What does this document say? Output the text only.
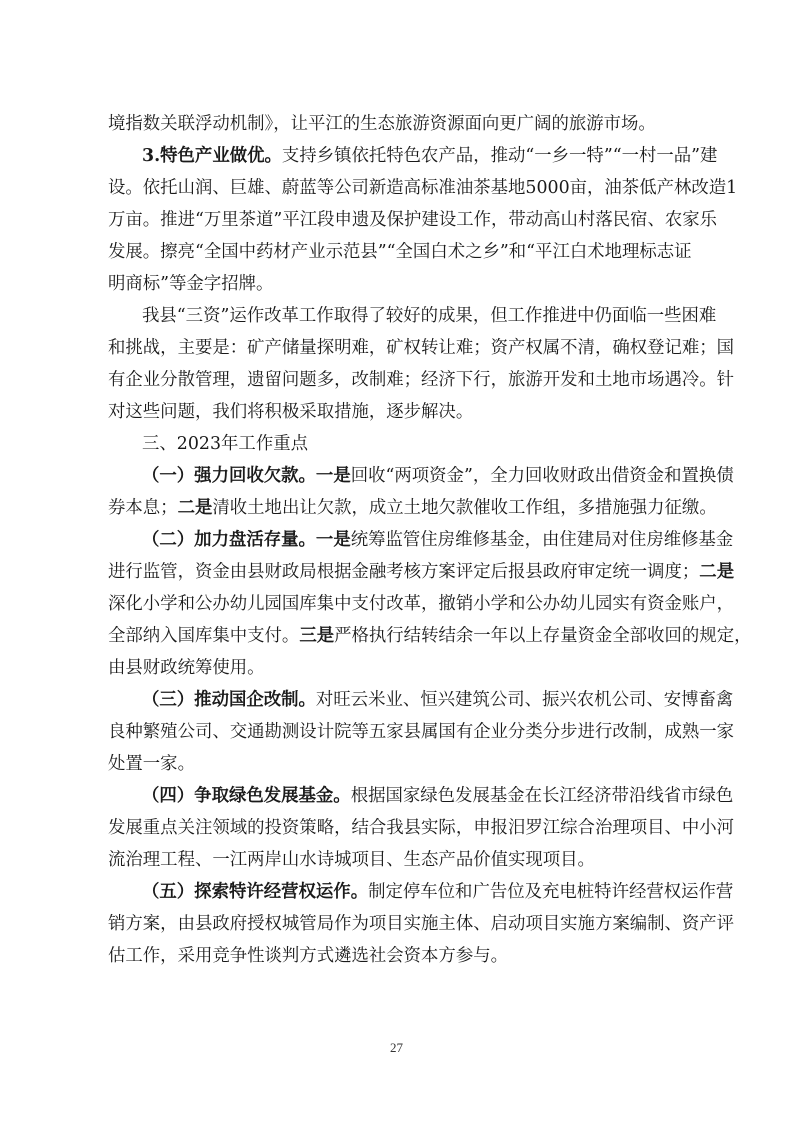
境指数关联浮动机制》，让平江的生态旅游资源面向更广阔的旅游市场。
3.特色产业做优。支持乡镇依托特色农产品，推动“一乡一特”“一村一品”建
设。依托山润、巨雄、蔚蓝等公司新造高标准油茶基地5000亩，油茶低产林改造1
万亩。推进“万里茶道”平江段申遗及保护建设工作，带动高山村落民宿、农家乐
发展。擦亮“全国中药材产业示范县”“全国白术之乡”和“平江白术地理标志证
明商标”等金字招牌。
我县“三资”运作改革工作取得了较好的成果，但工作推进中仍面临一些困难
和挑战，主要是：矿产储量探明难，矿权转让难；资产权属不清，确权登记难；国
有企业分散管理，遗留问题多，改制难；经济下行，旅游开发和土地市场遇冷。针
对这些问题，我们将积极采取措施，逐步解决。
三、2023年工作重点
（一）强力回收欠款。一是回收“两项资金”，全力回收财政出借资金和置换债
券本息；二是清收土地出让欠款，成立土地欠款催收工作组，多措施强力征缴。
（二）加力盘活存量。一是统筹监管住房维修基金，由住建局对住房维修基金
进行监管，资金由县财政局根据金融考核方案评定后报县政府审定统一调度；二是
深化小学和公办幼儿园国库集中支付改革，撤销小学和公办幼儿园实有资金账户，
全部纳入国库集中支付。三是严格执行结转结余一年以上存量资金全部收回的规定，
由县财政统筹使用。
（三）推动国企改制。对旺云米业、恒兴建筑公司、振兴农机公司、安博畜禽
良种繁殖公司、交通勘测设计院等五家县属国有企业分类分步进行改制，成熟一家
处置一家。
（四）争取绿色发展基金。根据国家绿色发展基金在长江经济带沿线省市绿色
发展重点关注领域的投资策略，结合我县实际，申报汨罗江综合治理项目、中小河
流治理工程、一江两岸山水诗城项目、生态产品价值实现项目。
（五）探索特许经营权运作。制定停车位和广告位及充电桩特许经营权运作营
销方案，由县政府授权城管局作为项目实施主体、启动项目实施方案编制、资产评
估工作，采用竞争性谈判方式遴选社会资本方参与。
27
